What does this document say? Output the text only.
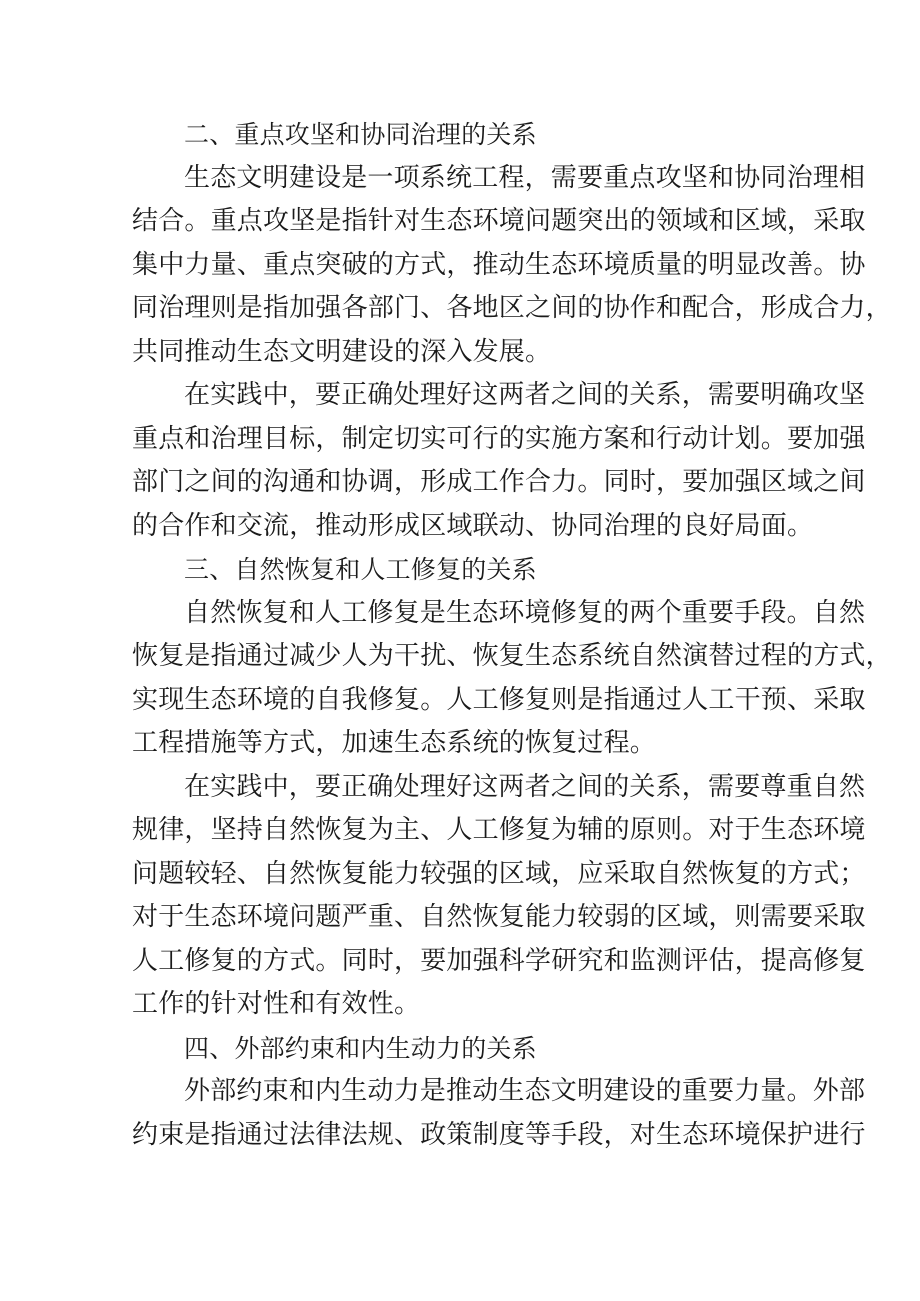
二、重点攻坚和协同治理的关系
生态文明建设是一项系统工程，需要重点攻坚和协同治理相
结合。重点攻坚是指针对生态环境问题突出的领域和区域，采取
集中力量、重点突破的方式，推动生态环境质量的明显改善。协
同治理则是指加强各部门、各地区之间的协作和配合，形成合力，
共同推动生态文明建设的深入发展。
在实践中，要正确处理好这两者之间的关系，需要明确攻坚
重点和治理目标，制定切实可行的实施方案和行动计划。要加强
部门之间的沟通和协调，形成工作合力。同时，要加强区域之间
的合作和交流，推动形成区域联动、协同治理的良好局面。
三、自然恢复和人工修复的关系
自然恢复和人工修复是生态环境修复的两个重要手段。自然
恢复是指通过减少人为干扰、恢复生态系统自然演替过程的方式，
实现生态环境的自我修复。人工修复则是指通过人工干预、采取
工程措施等方式，加速生态系统的恢复过程。
在实践中，要正确处理好这两者之间的关系，需要尊重自然
规律，坚持自然恢复为主、人工修复为辅的原则。对于生态环境
问题较轻、自然恢复能力较强的区域，应采取自然恢复的方式；
对于生态环境问题严重、自然恢复能力较弱的区域，则需要采取
人工修复的方式。同时，要加强科学研究和监测评估，提高修复
工作的针对性和有效性。
四、外部约束和内生动力的关系
外部约束和内生动力是推动生态文明建设的重要力量。外部
约束是指通过法律法规、政策制度等手段，对生态环境保护进行
